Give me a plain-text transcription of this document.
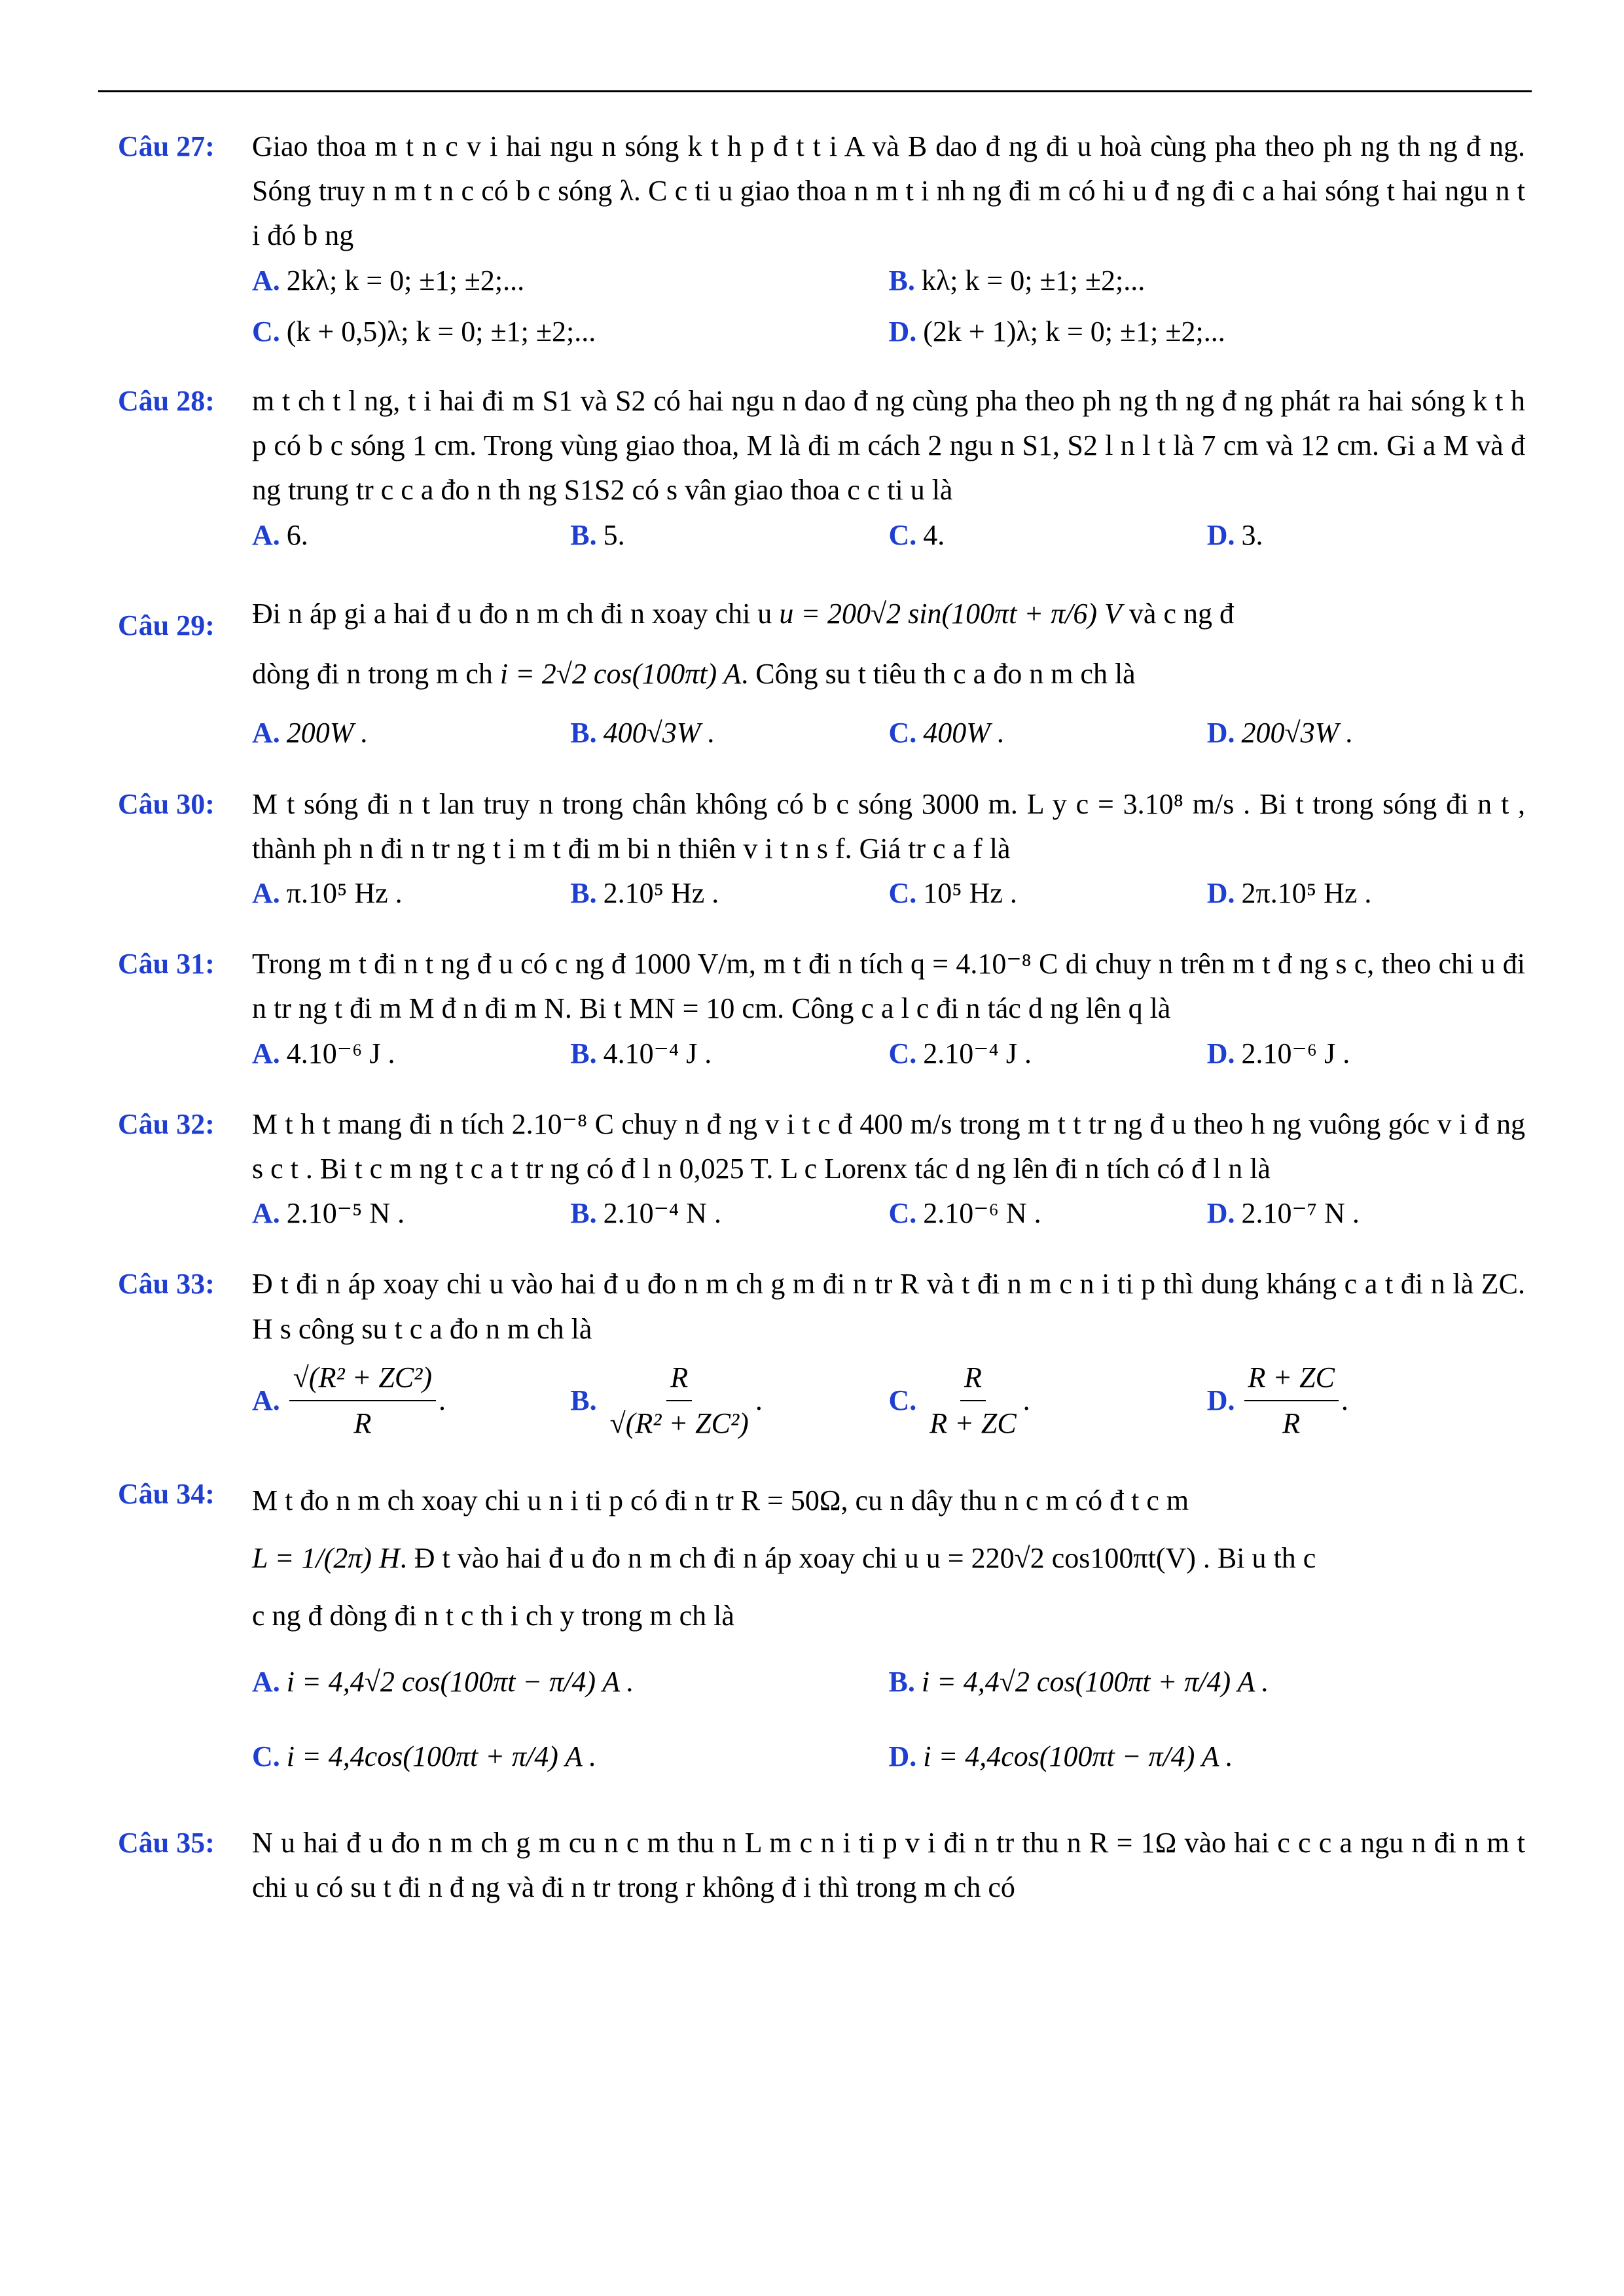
Câu 27: Giao thoa m t n c v i hai ngu n sóng k t h p đ t t i A và B dao đ ng đi u hoà cùng pha theo ph ng th ng đ ng. Sóng truy n m t n c có b c sóng λ. C c ti u giao thoa n m t i nh ng đi m có hi u đ ng đi c a hai sóng t hai ngu n t i đó b ng
A. 2kλ; k = 0; ±1; ±2;...	B. kλ; k = 0; ±1; ±2;...
C. (k + 0,5)λ; k = 0; ±1; ±2;...	D. (2k + 1)λ; k = 0; ±1; ±2;...
Câu 28: m t ch t l ng, t i hai đi m S1 và S2 có hai ngu n dao đ ng cùng pha theo ph ng th ng đ ng phát ra hai sóng k t h p có b c sóng 1 cm. Trong vùng giao thoa, M là đi m cách 2 ngu n S1, S2 l n l t là 7 cm và 12 cm. Gi a M và đ ng trung tr c c a đo n th ng S1S2 có s vân giao thoa c c ti u là
A. 6.	B. 5.	C. 4.	D. 3.
Câu 29: Đi n áp gi a hai đ u đo n m ch đi n xoay chi u u = 200√2 sin(100πt + π/6) V và c ng đ
dòng đi n trong m ch i = 2√2 cos(100πt) A. Công su t tiêu th c a đo n m ch là
A. 200W .	B. 400√3W .	C. 400W .	D. 200√3W .
Câu 30: M t sóng đi n t lan truy n trong chân không có b c sóng 3000 m. L y c = 3.10⁸ m/s . Bi t trong sóng đi n t , thành ph n đi n tr ng t i m t đi m bi n thiên v i t n s f. Giá tr c a f là
A. π.10⁵ Hz .	B. 2.10⁵ Hz .	C. 10⁵ Hz .	D. 2π.10⁵ Hz .
Câu 31: Trong m t đi n t ng đ u có c ng đ 1000 V/m, m t đi n tích q = 4.10⁻⁸ C di chuy n trên m t đ ng s c, theo chi u đi n tr ng t đi m M đ n đi m N. Bi t MN = 10 cm. Công c a l c đi n tác d ng lên q là
A. 4.10⁻⁶ J .	B. 4.10⁻⁴ J .	C. 2.10⁻⁴ J .	D. 2.10⁻⁶ J .
Câu 32: M t h t mang đi n tích 2.10⁻⁸ C chuy n đ ng v i t c đ 400 m/s trong m t t tr ng đ u theo h ng vuông góc v i đ ng s c t . Bi t c m ng t c a t tr ng có đ l n 0,025 T. L c Lorenx tác d ng lên đi n tích có đ l n là
A. 2.10⁻⁵ N .	B. 2.10⁻⁴ N .	C. 2.10⁻⁶ N .	D. 2.10⁻⁷ N .
Câu 33: Đ t đi n áp xoay chi u vào hai đ u đo n m ch g m đi n tr R và t đi n m c n i ti p thì dung kháng c a t đi n là ZC. H s công su t c a đo n m ch là
A. $\frac{\text{√(R² + ZC²)}}{R}$ .	B. $\frac{R}{\text{√(R² + ZC²)}}$ .	C. $\frac{R}{R + ZC}$ .	D. $\frac{R + ZC}{R}$ .
Câu 34: M t đo n m ch xoay chi u n i ti p có đi n tr R = 50Ω, cu n dây thu n c m có đ t c m
L = 1/(2π) H. Đ t vào hai đ u đo n m ch đi n áp xoay chi u u = 220√2 cos100πt(V) . Bi u th c
c ng đ dòng đi n t c th i ch y trong m ch là
A. i = 4,4√2 cos(100πt − π/4) A .	B. i = 4,4√2 cos(100πt + π/4) A .
C. i = 4,4cos(100πt + π/4) A .	D. i = 4,4cos(100πt − π/4) A .
Câu 35: N u hai đ u đo n m ch g m cu n c m thu n L m c n i ti p v i đi n tr thu n R = 1Ω vào hai c c c a ngu n đi n m t chi u có su t đi n đ ng và đi n tr trong r không đ i thì trong m ch có
